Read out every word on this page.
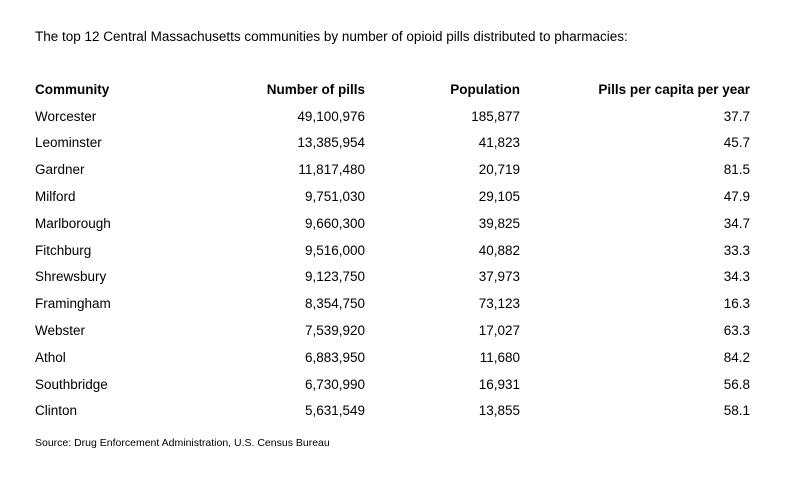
The top 12 Central Massachusetts communities by number of opioid pills distributed to pharmacies:
Community	Number of pills	Population	Pills per capita per year
Worcester	49,100,976	185,877	37.7
Leominster	13,385,954	41,823	45.7
Gardner	11,817,480	20,719	81.5
Milford	9,751,030	29,105	47.9
Marlborough	9,660,300	39,825	34.7
Fitchburg	9,516,000	40,882	33.3
Shrewsbury	9,123,750	37,973	34.3
Framingham	8,354,750	73,123	16.3
Webster	7,539,920	17,027	63.3
Athol	6,883,950	11,680	84.2
Southbridge	6,730,990	16,931	56.8
Clinton	5,631,549	13,855	58.1
Source: Drug Enforcement Administration, U.S. Census Bureau
